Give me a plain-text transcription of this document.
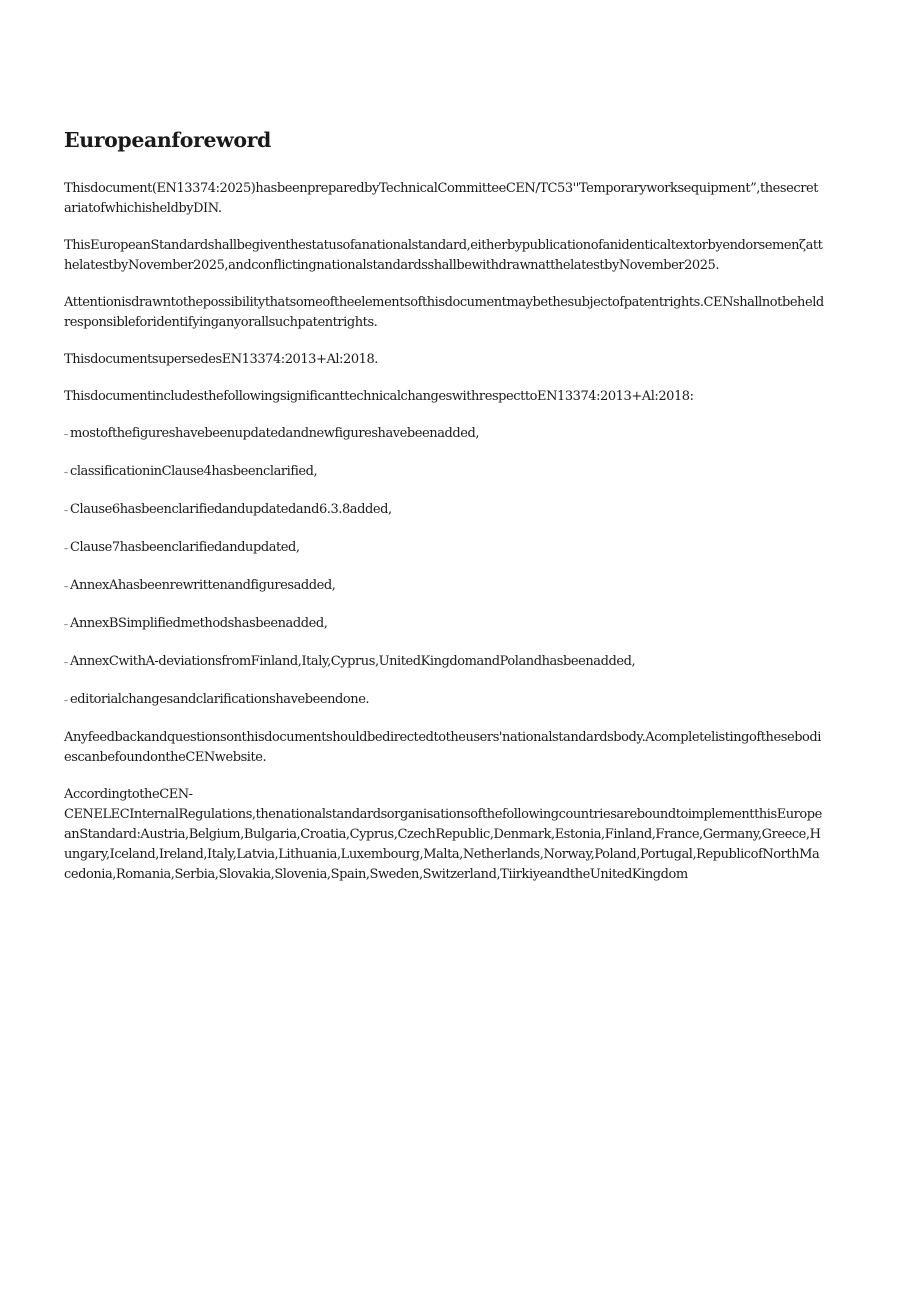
Europeanforeword

Thisdocument(EN13374:2025)hasbeenpreparedbyTechnicalCommitteeCEN/TC53''Temporaryworksequipment”,thesecretariatofwhichisheldbyDIN.

ThisEuropeanStandardshallbegiventhestatusofanationalstandard,eitherbypublicationofanidenticaltextorbyendorsemenζatthelatestbyNovember2025,andconflictingnationalstandardsshallbewithdrawnatthelatestbyNovember2025.

Attentionisdrawntothepossibilitythatsomeoftheelementsofthisdocumentmaybethesubjectofpatentrights.CENshallnotbeheldresponsibleforidentifyinganyorallsuchpatentrights.

ThisdocumentsupersedesEN13374:2013+Al:2018.

ThisdocumentincludesthefollowingsignificanttechnicalchangeswithrespecttoEN13374:2013+Al:2018:

– mostofthefigureshavebeenupdatedandnewfigureshavebeenadded,
– classificationinClause4hasbeenclarified,
– Clause6hasbeenclarifiedandupdatedand6.3.8added,
– Clause7hasbeenclarifiedandupdated,
– AnnexAhasbeenrewrittenandfiguresadded,
– AnnexBSimplifiedmethodshasbeenadded,
– AnnexCwithA-deviationsfromFinland,Italy,Cyprus,UnitedKingdomandPolandhasbeenadded,
– editorialchangesandclarificationshavebeendone.

Anyfeedbackandquestionsonthisdocumentshouldbedirectedtotheusers'nationalstandardsbody.AcompletelistingofthesebodiescanbefoundontheCENwebsite.

AccordingtotheCEN-
CENELECInternalRegulations,thenationalstandardsorganisationsofthefollowingcountriesareboundtoimplementthisEuropeanStandard:Austria,Belgium,Bulgaria,Croatia,Cyprus,CzechRepublic,Denmark,Estonia,Finland,France,Germany,Greece,Hungary,Iceland,Ireland,Italy,Latvia,Lithuania,Luxembourg,Malta,Netherlands,Norway,Poland,Portugal,RepublicofNorthMacedonia,Romania,Serbia,Slovakia,Slovenia,Spain,Sweden,Switzerland,TiirkiyeandtheUnitedKingdom
